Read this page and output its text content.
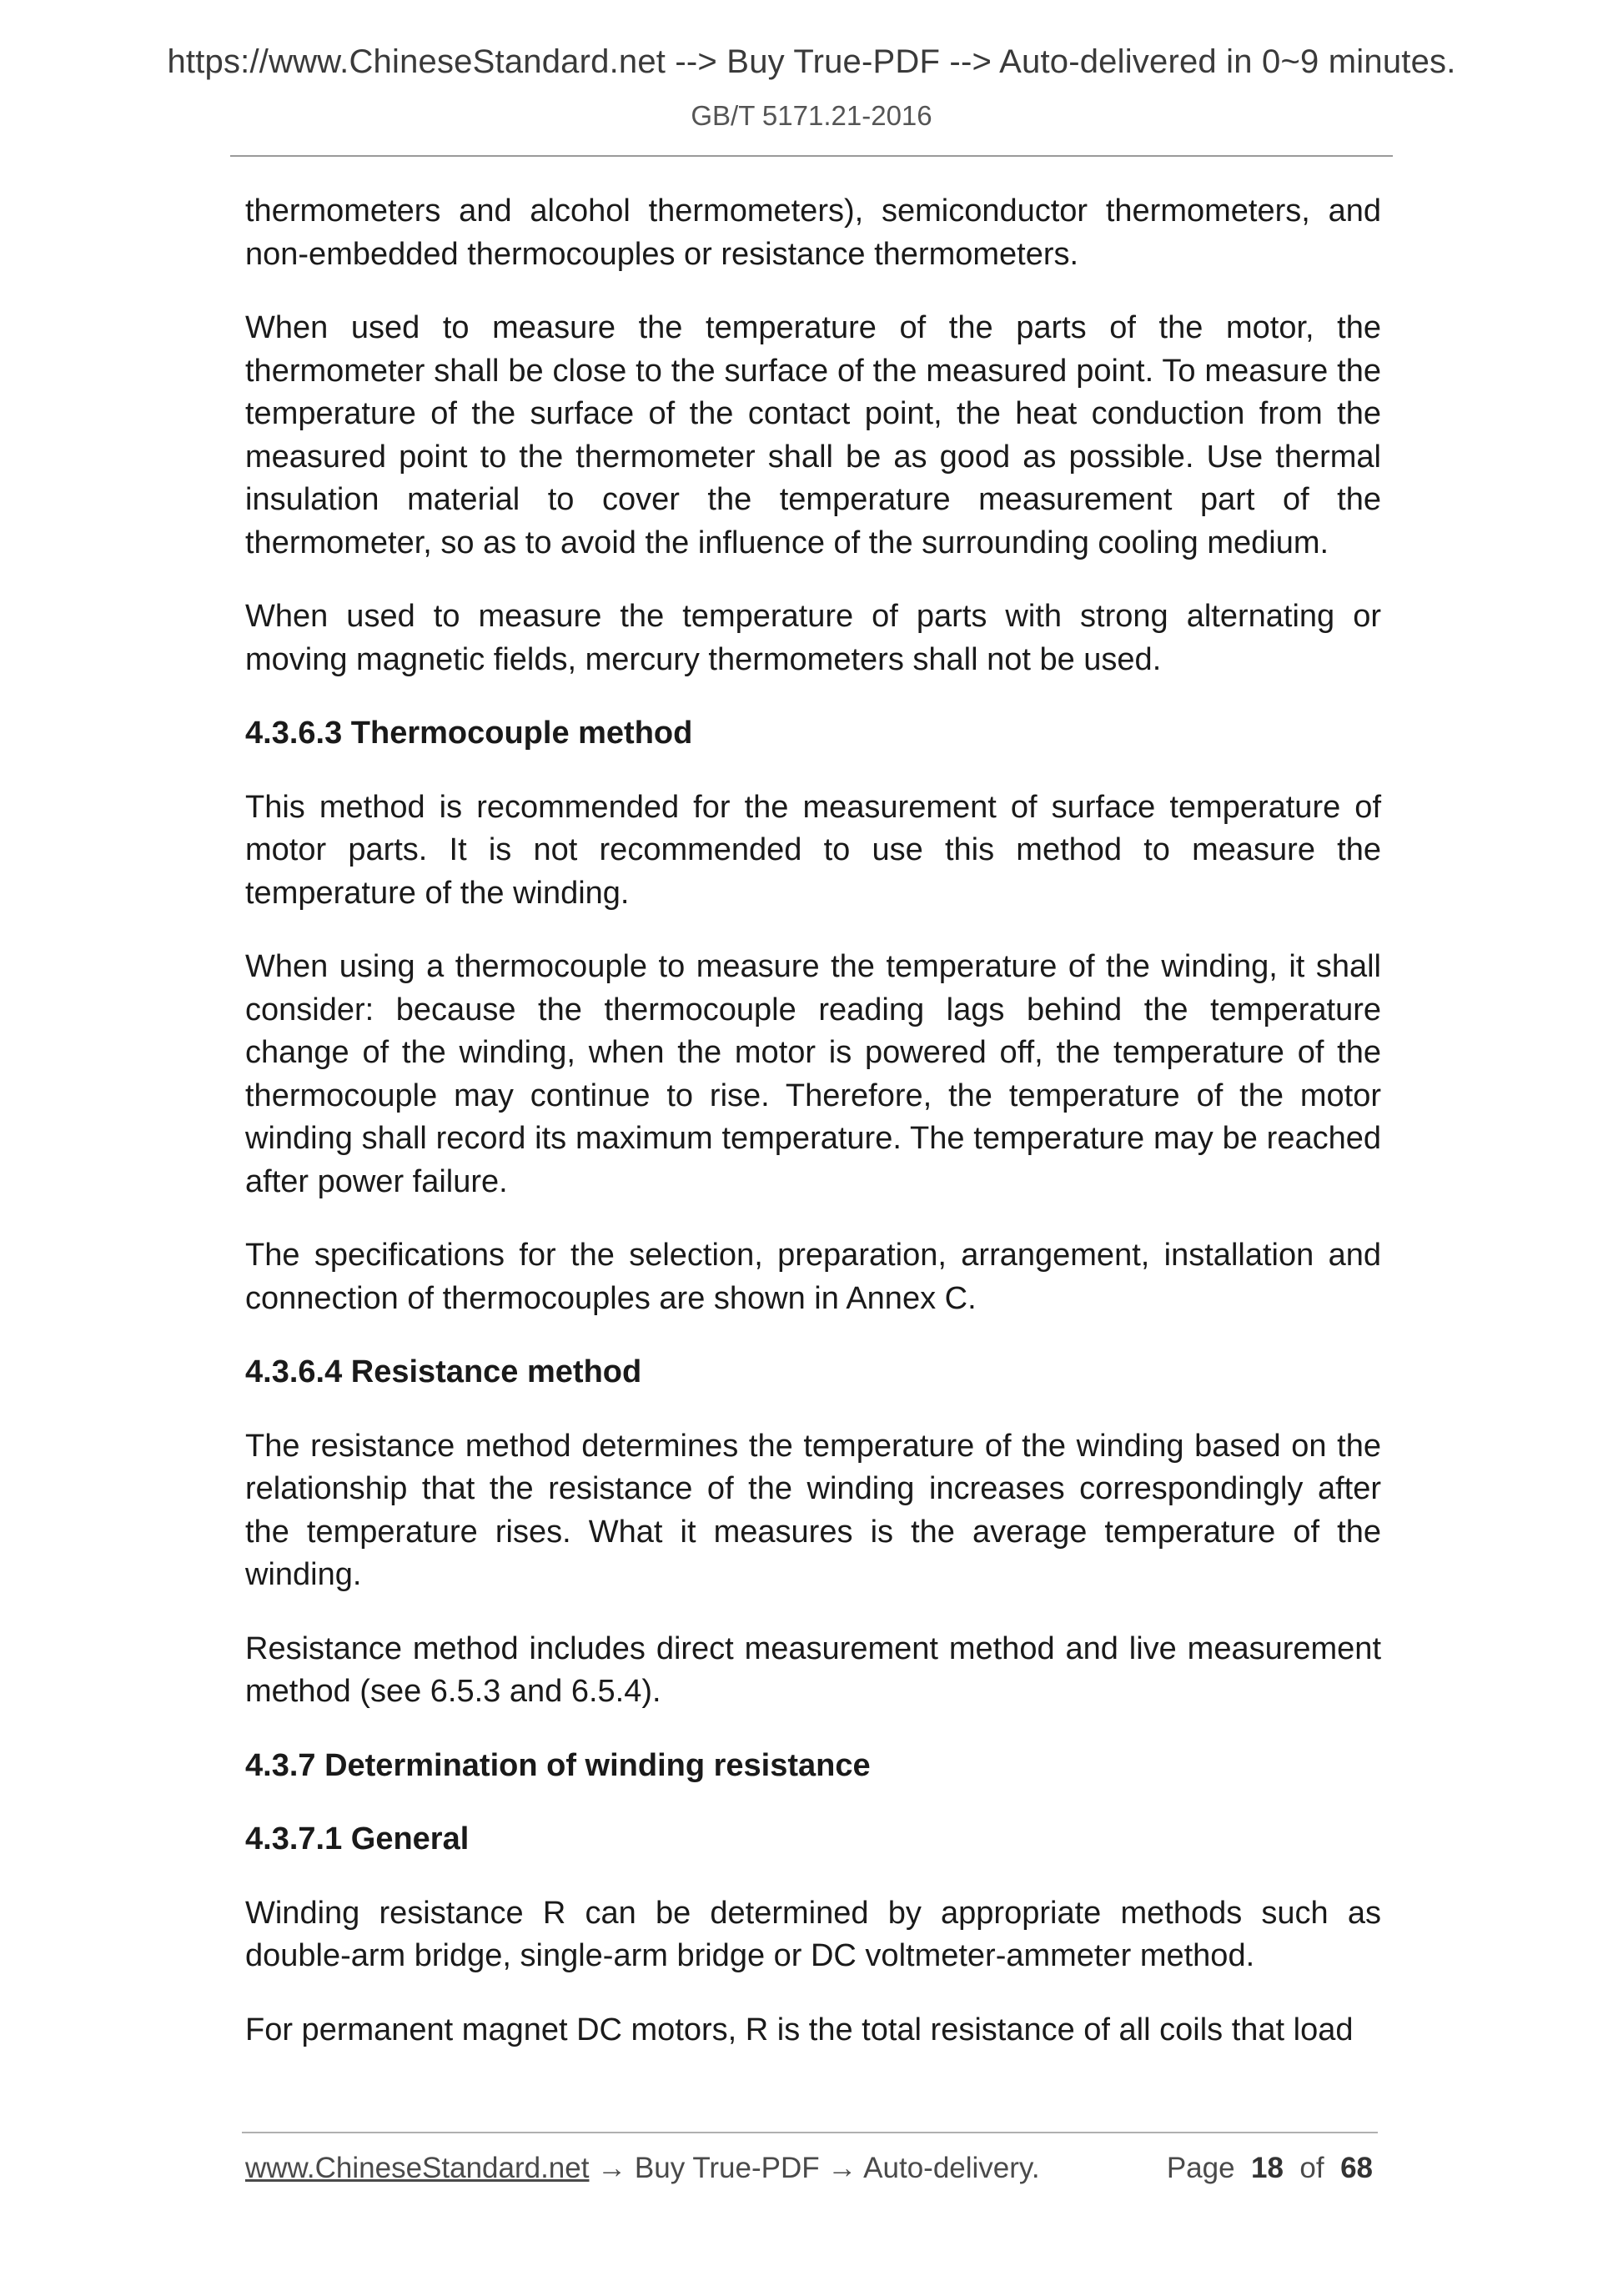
https://www.ChineseStandard.net --> Buy True-PDF --> Auto-delivered in 0~9 minutes.
GB/T 5171.21-2016

thermometers and alcohol thermometers), semiconductor thermometers, and non-embedded thermocouples or resistance thermometers.

When used to measure the temperature of the parts of the motor, the thermometer shall be close to the surface of the measured point. To measure the temperature of the surface of the contact point, the heat conduction from the measured point to the thermometer shall be as good as possible. Use thermal insulation material to cover the temperature measurement part of the thermometer, so as to avoid the influence of the surrounding cooling medium.

When used to measure the temperature of parts with strong alternating or moving magnetic fields, mercury thermometers shall not be used.

4.3.6.3 Thermocouple method

This method is recommended for the measurement of surface temperature of motor parts. It is not recommended to use this method to measure the temperature of the winding.

When using a thermocouple to measure the temperature of the winding, it shall consider: because the thermocouple reading lags behind the temperature change of the winding, when the motor is powered off, the temperature of the thermocouple may continue to rise. Therefore, the temperature of the motor winding shall record its maximum temperature. The temperature may be reached after power failure.

The specifications for the selection, preparation, arrangement, installation and connection of thermocouples are shown in Annex C.

4.3.6.4 Resistance method

The resistance method determines the temperature of the winding based on the relationship that the resistance of the winding increases correspondingly after the temperature rises. What it measures is the average temperature of the winding.

Resistance method includes direct measurement method and live measurement method (see 6.5.3 and 6.5.4).

4.3.7 Determination of winding resistance

4.3.7.1 General

Winding resistance R can be determined by appropriate methods such as double-arm bridge, single-arm bridge or DC voltmeter-ammeter method.

For permanent magnet DC motors, R is the total resistance of all coils that load

www.ChineseStandard.net → Buy True-PDF → Auto-delivery.	Page 18 of 68
